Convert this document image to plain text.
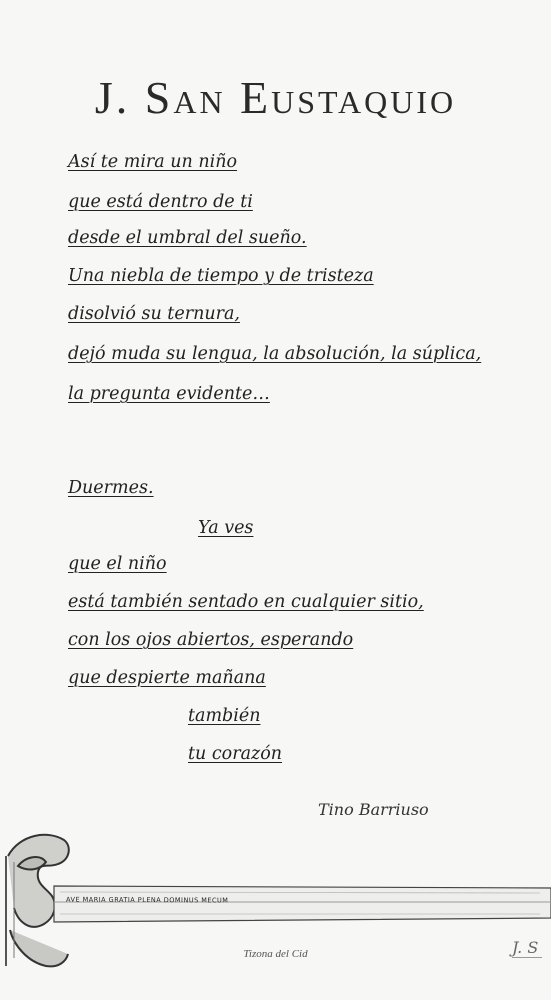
J. San Eustaquio
Así te mira un niño
que está dentro de ti
desde el umbral del sueño.
Una niebla de tiempo y de tristeza
disolvió su ternura,
dejó muda su lengua, la absolución, la súplica,
la pregunta evidente…
Duermes.
Ya ves
que el niño
está también sentado en cualquier sitio,
con los ojos abiertos, esperando
que despierte mañana
también
tu corazón
Tino Barriuso
AVE MARIA GRATIA PLENA DOMINUS MECUM
Tizona del Cid	J. S
